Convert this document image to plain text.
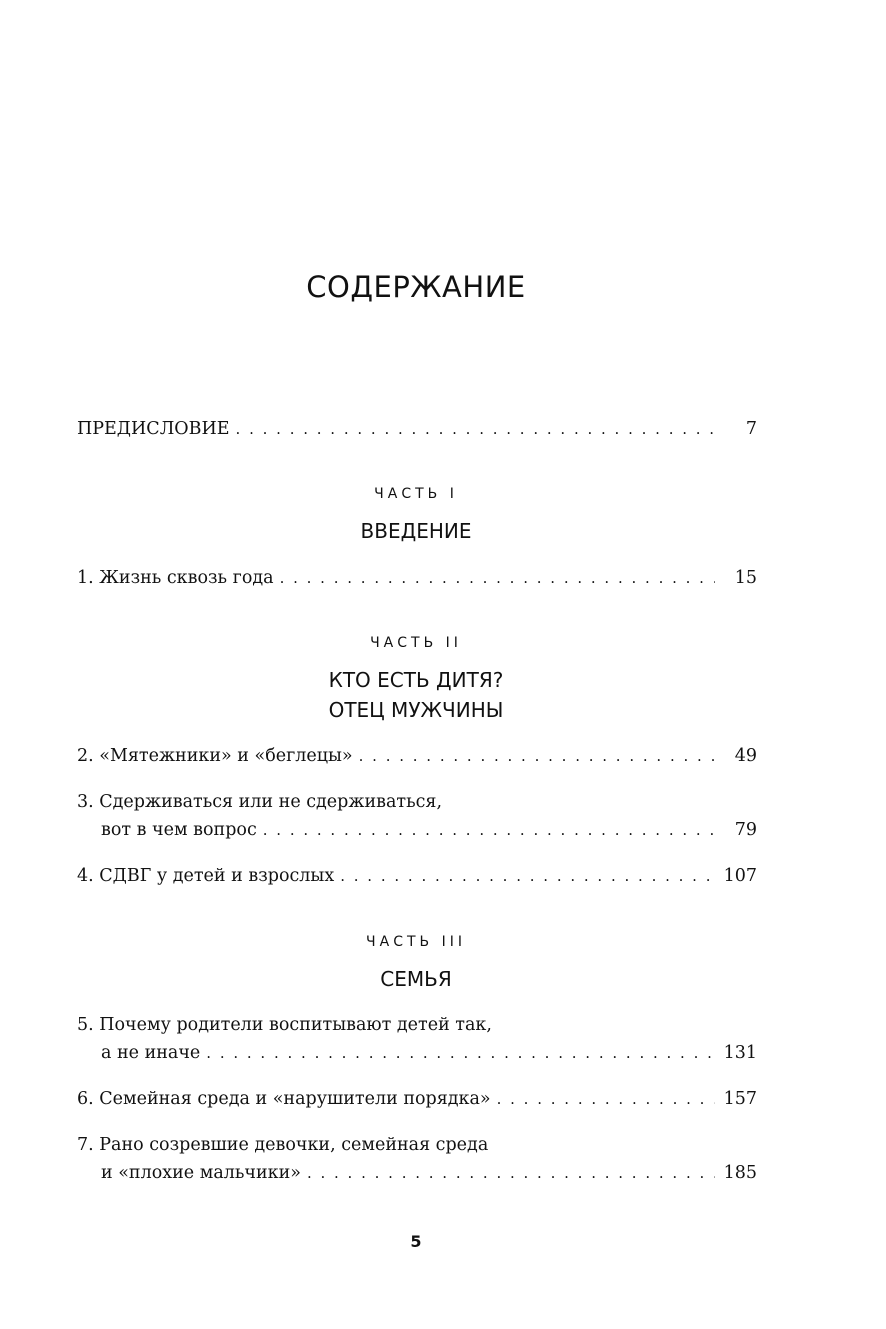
СОДЕРЖАНИЕ
ПРЕДИСЛОВИЕ . . .	7
ЧАСТЬ I
ВВЕДЕНИЕ
1. Жизнь сквозь года . . .	15
ЧАСТЬ II
КТО ЕСТЬ ДИТЯ?
ОТЕЦ МУЖЧИНЫ
2. «Мятежники» и «беглецы» . . .	49
3. Сдерживаться или не сдерживаться,
вот в чем вопрос . . .	79
4. СДВГ у детей и взрослых . . .	107
ЧАСТЬ III
СЕМЬЯ
5. Почему родители воспитывают детей так,
а не иначе . . .	131
6. Семейная среда и «нарушители порядка» . . .	157
7. Рано созревшие девочки, семейная среда
и «плохие мальчики» . . .	185
5
